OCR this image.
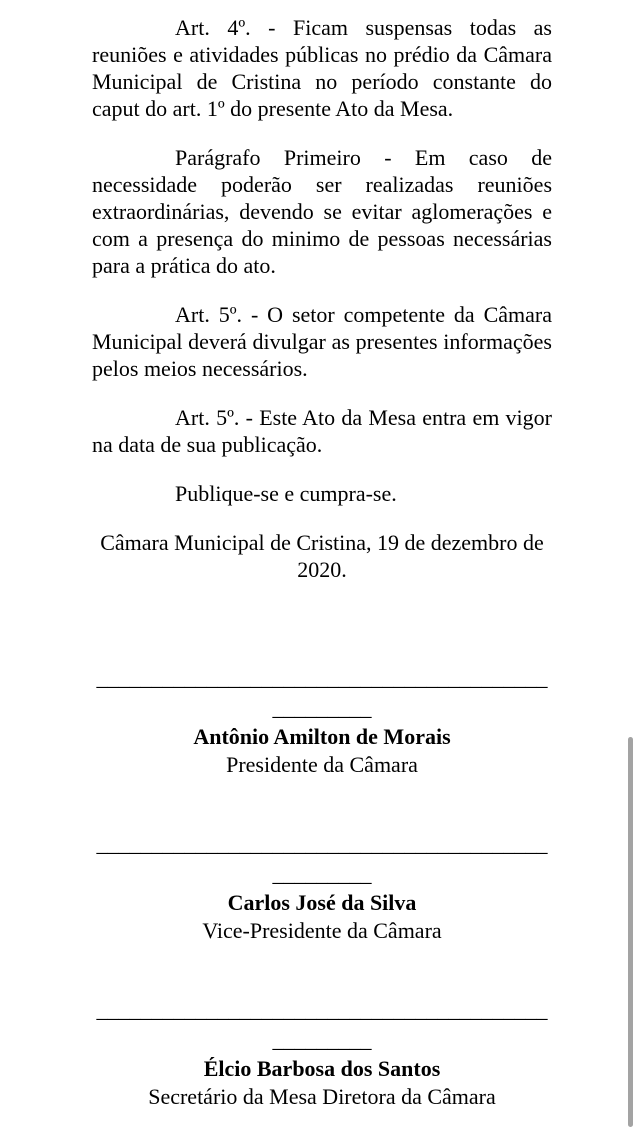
Art. 4º. - Ficam suspensas todas as reuniões e atividades públicas no prédio da Câmara Municipal de Cristina no período constante do caput do art. 1º do presente Ato da Mesa.

Parágrafo Primeiro - Em caso de necessidade poderão ser realizadas reuniões extraordinárias, devendo se evitar aglomerações e com a presença do minimo de pessoas necessárias para a prática do ato.

Art. 5º. - O setor competente da Câmara Municipal deverá divulgar as presentes informações pelos meios necessários.

Art. 5º. - Este Ato da Mesa entra em vigor na data de sua publicação.

Publique-se e cumpra-se.

Câmara Municipal de Cristina, 19 de dezembro de
2020.

_________________________________________
_________
Antônio Amilton de Morais
Presidente da Câmara
_________________________________________
_________
Carlos José da Silva
Vice-Presidente da Câmara
_________________________________________
_________
Élcio Barbosa dos Santos
Secretário da Mesa Diretora da Câmara
